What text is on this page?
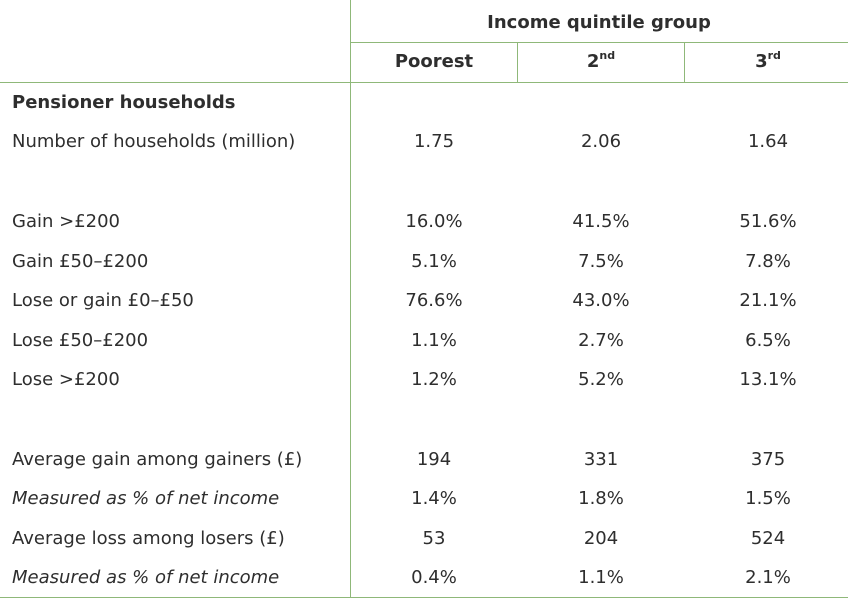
Income quintile group
Poorest	2nd	3rd
Pensioner households
Number of households (million)	1.75	2.06	1.64
Gain >£200	16.0%	41.5%	51.6%
Gain £50–£200	5.1%	7.5%	7.8%
Lose or gain £0–£50	76.6%	43.0%	21.1%
Lose £50–£200	1.1%	2.7%	6.5%
Lose >£200	1.2%	5.2%	13.1%
Average gain among gainers (£)	194	331	375
Measured as % of net income	1.4%	1.8%	1.5%
Average loss among losers (£)	53	204	524
Measured as % of net income	0.4%	1.1%	2.1%
